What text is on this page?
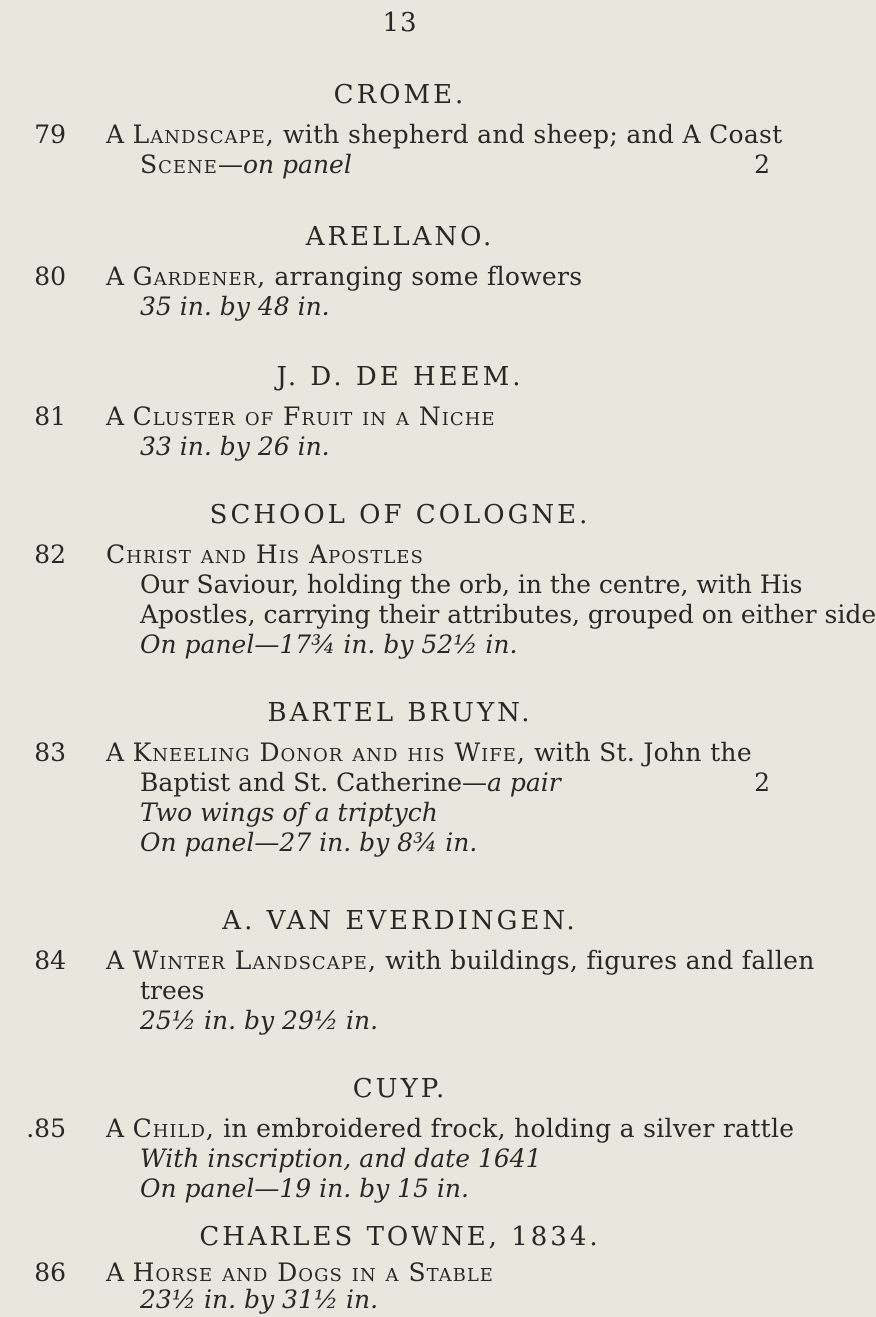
13
CROME.
79 A Landscape, with shepherd and sheep; and A Coast
Scene—on panel	2
ARELLANO.
80 A Gardener, arranging some flowers
35 in. by 48 in.
J. D. DE HEEM.
81 A Cluster of Fruit in a Niche
33 in. by 26 in.
SCHOOL OF COLOGNE.
82 Christ and His Apostles
Our Saviour, holding the orb, in the centre, with His
Apostles, carrying their attributes, grouped on either side
On panel—17¾ in. by 52½ in.
BARTEL BRUYN.
83 A Kneeling Donor and his Wife, with St. John the
Baptist and St. Catherine—a pair	2
Two wings of a triptych
On panel—27 in. by 8¾ in.
A. VAN EVERDINGEN.
84 A Winter Landscape, with buildings, figures and fallen
trees
25½ in. by 29½ in.
CUYP.
.85 A Child, in embroidered frock, holding a silver rattle
With inscription, and date 1641
On panel—19 in. by 15 in.
CHARLES TOWNE, 1834.
86 A Horse and Dogs in a Stable
23½ in. by 31½ in.
